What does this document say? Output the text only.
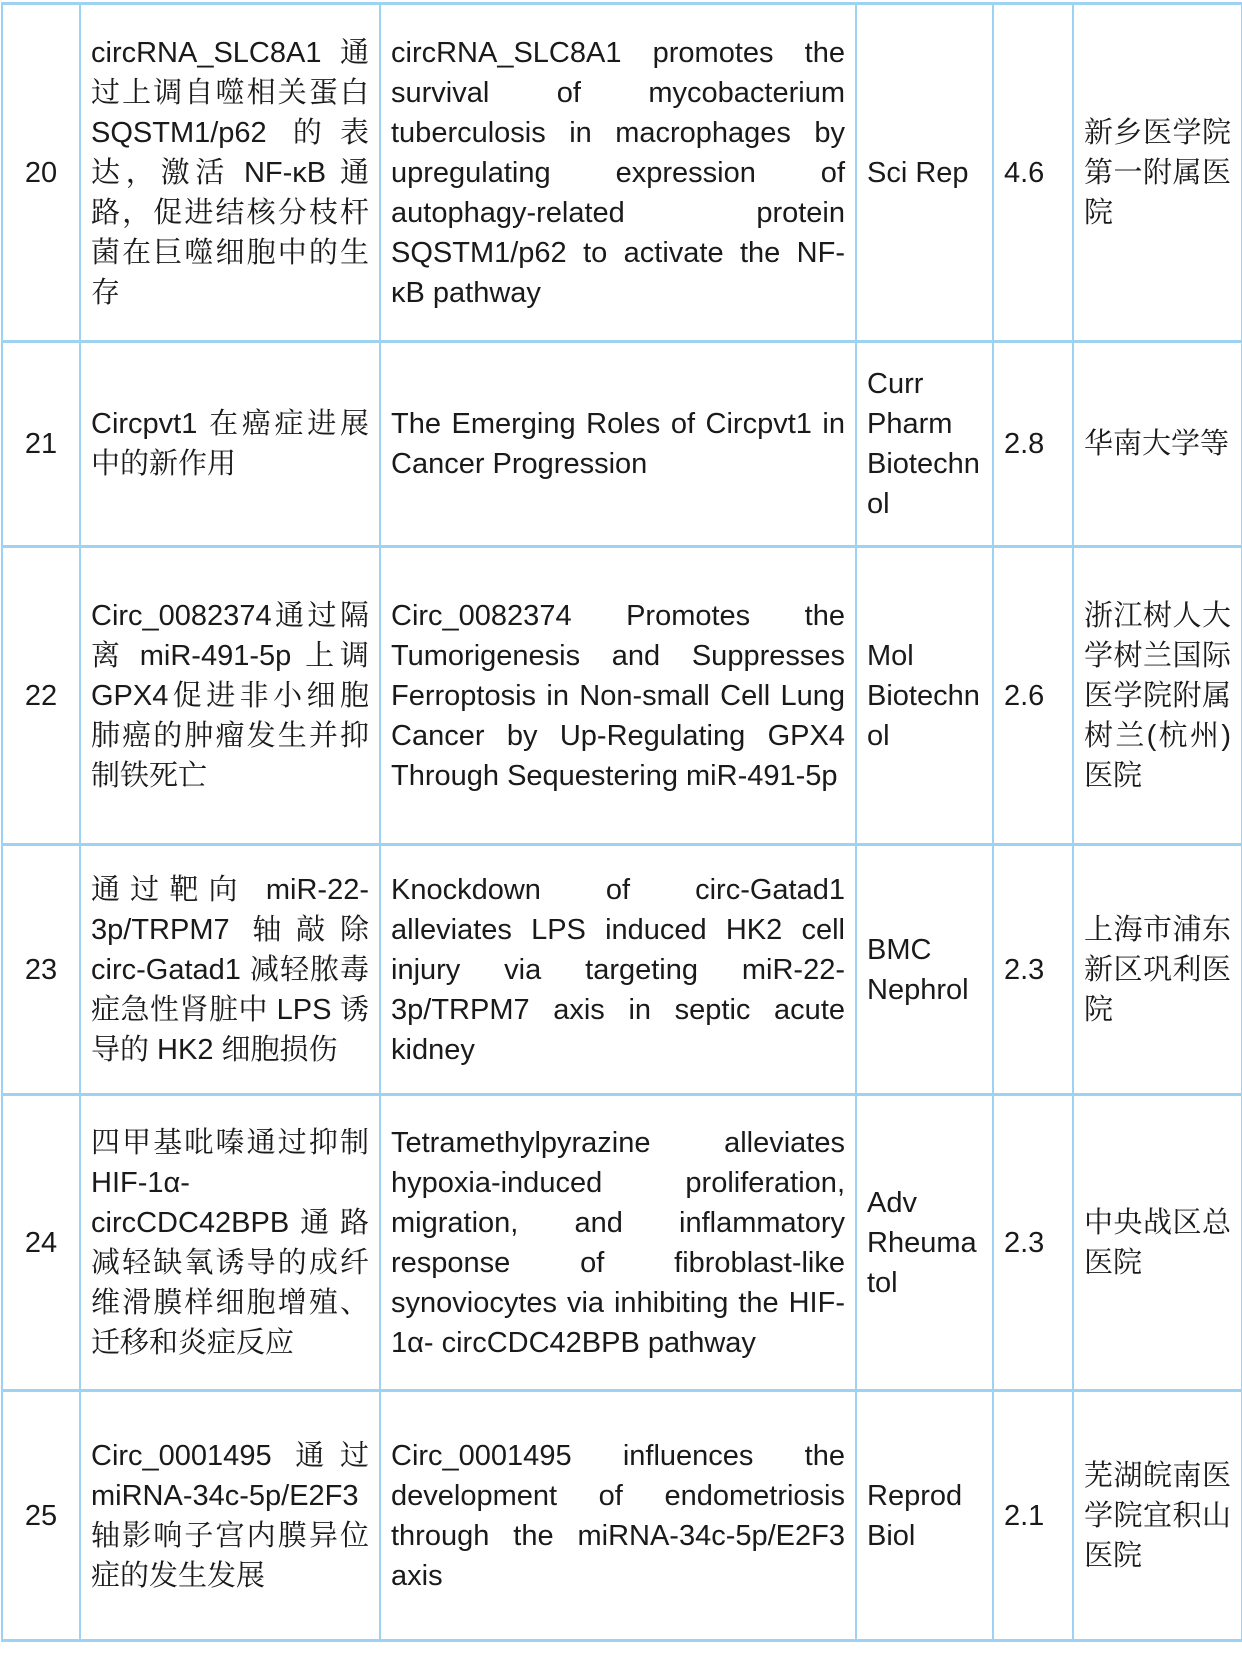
20	circRNA_SLC8A1通过上调自噬相关蛋白SQSTM1/p62 的表达，激活 NF-κB 通路，促进结核分枝杆菌在巨噬细胞中的生存	circRNA_SLC8A1 promotes the survival of mycobacterium tuberculosis in macrophages by upregulating expression of autophagy-related protein SQSTM1/p62 to activate the NF-κB pathway	Sci Rep	4.6	新乡医学院第一附属医院
21	Circpvt1 在癌症进展中的新作用	The Emerging Roles of Circpvt1 in Cancer Progression	Curr Pharm Biotechnol	2.8	华南大学等
22	Circ_0082374通过隔离 miR-491-5p 上调GPX4促进非小细胞肺癌的肿瘤发生并抑制铁死亡	Circ_0082374 Promotes the Tumorigenesis and Suppresses Ferroptosis in Non-small Cell Lung Cancer by Up-Regulating GPX4 Through Sequestering miR-491-5p	Mol Biotechnol	2.6	浙江树人大学树兰国际医学院附属树兰(杭州)医院
23	通过靶向 miR-22-3p/TRPM7 轴敲除 circ-Gatad1 减轻脓毒症急性肾脏中 LPS 诱导的 HK2 细胞损伤	Knockdown of circ-Gatad1 alleviates LPS induced HK2 cell injury via targeting miR-22-3p/TRPM7 axis in septic acute kidney	BMC Nephrol	2.3	上海市浦东新区巩利医院
24	四甲基吡嗪通过抑制 HIF-1α-circCDC42BPB通路减轻缺氧诱导的成纤维滑膜样细胞增殖、迁移和炎症反应	Tetramethylpyrazine alleviates hypoxia-induced proliferation, migration, and inflammatory response of fibroblast-like synoviocytes via inhibiting the HIF-1α- circCDC42BPB pathway	Adv Rheumatol	2.3	中央战区总医院
25	Circ_0001495 通过 miRNA-34c-5p/E2F3轴影响子宫内膜异位症的发生发展	Circ_0001495 influences the development of endometriosis through the miRNA-34c-5p/E2F3 axis	Reprod Biol	2.1	芜湖皖南医学院宜积山医院
